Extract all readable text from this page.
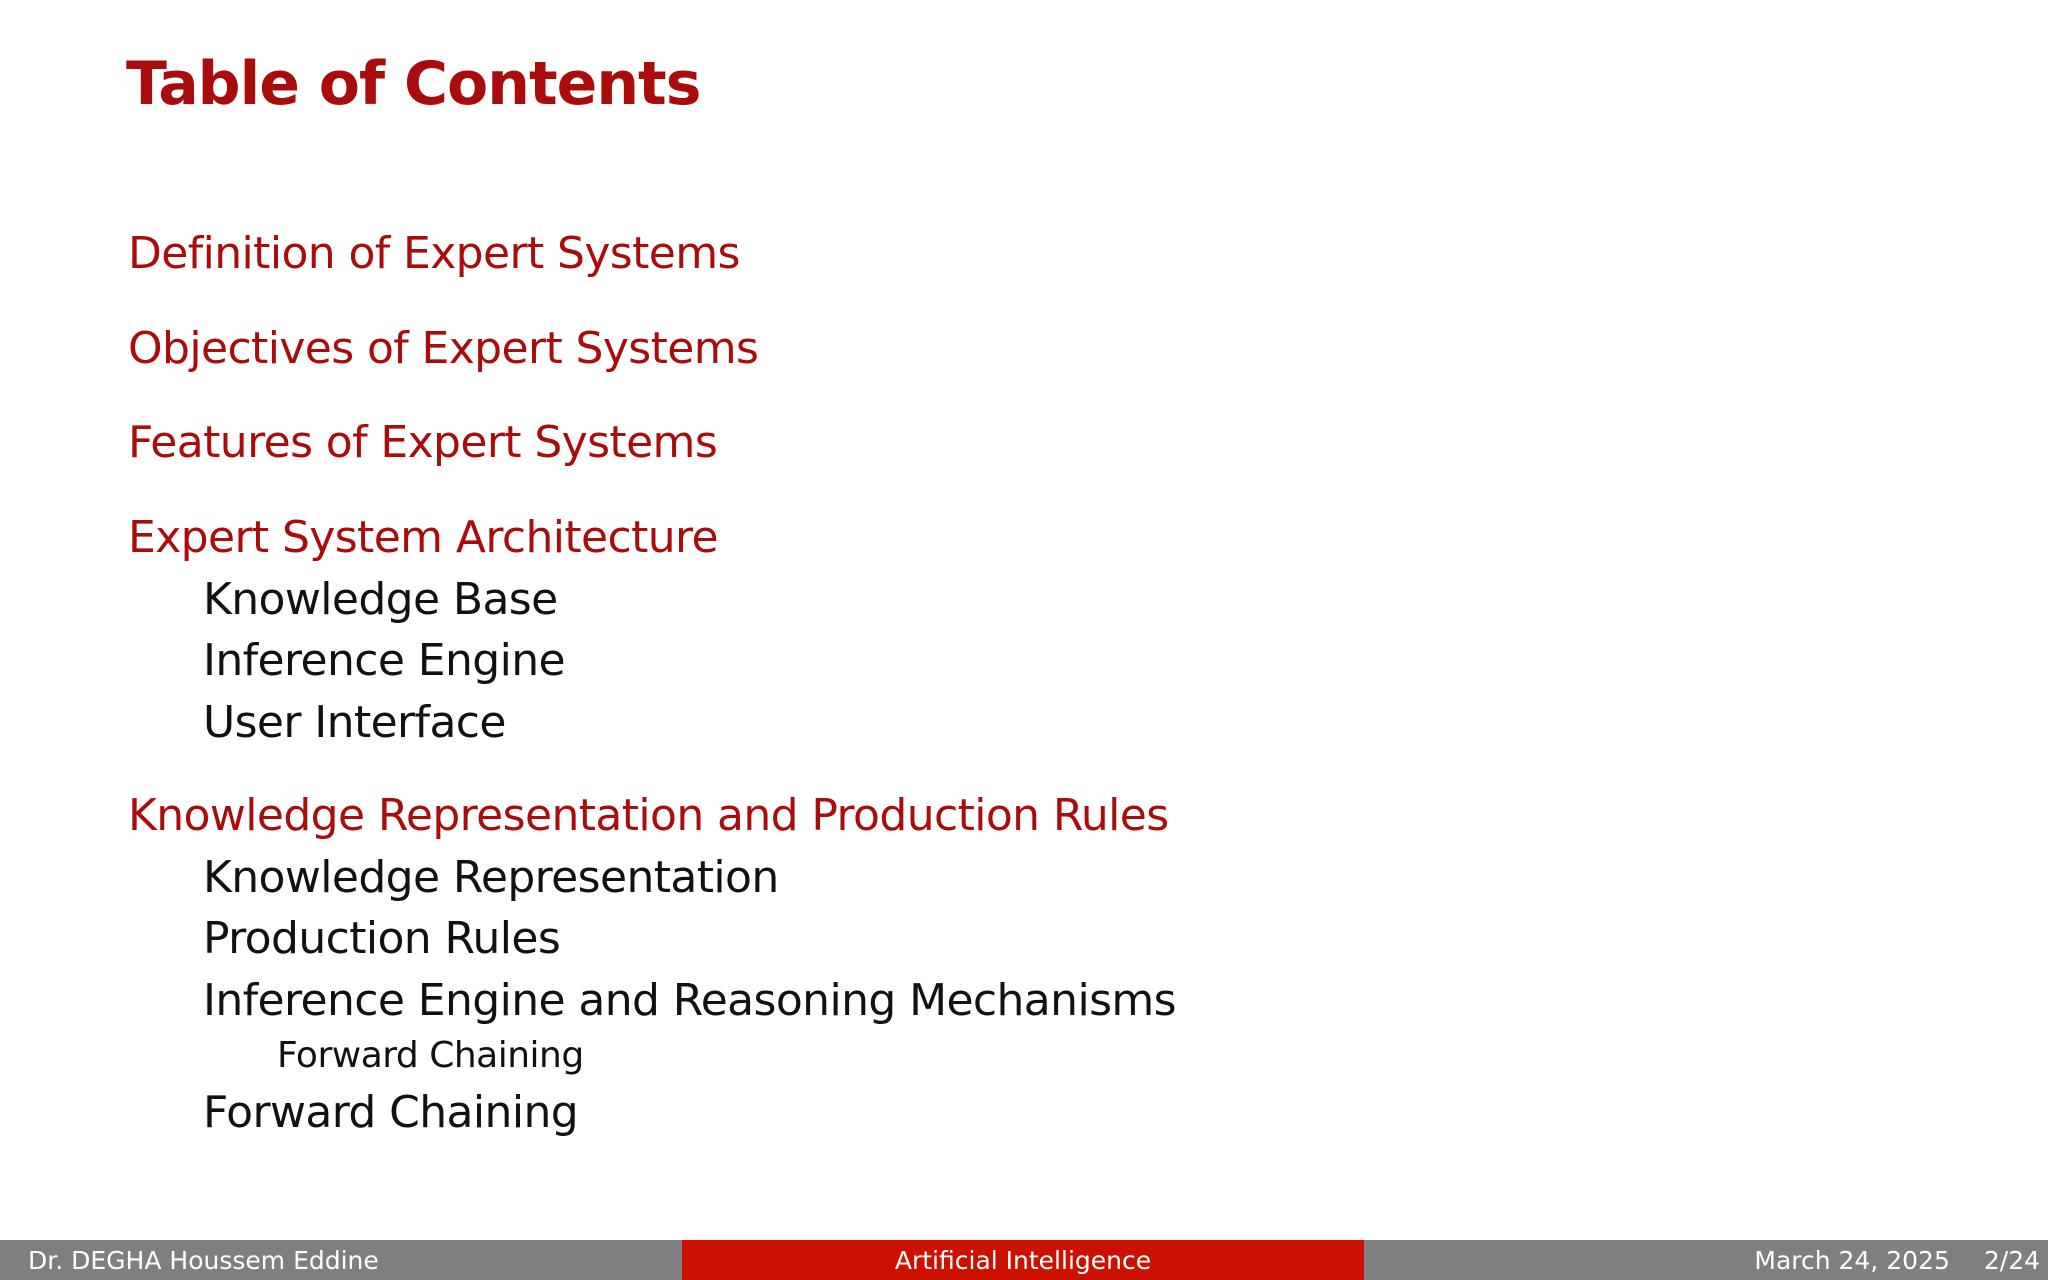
Table of Contents
Definition of Expert Systems
Objectives of Expert Systems
Features of Expert Systems
Expert System Architecture
Knowledge Base
Inference Engine
User Interface
Knowledge Representation and Production Rules
Knowledge Representation
Production Rules
Inference Engine and Reasoning Mechanisms
Forward Chaining
Forward Chaining
Dr. DEGHA Houssem Eddine	Artificial Intelligence	March 24, 2025 2/24
